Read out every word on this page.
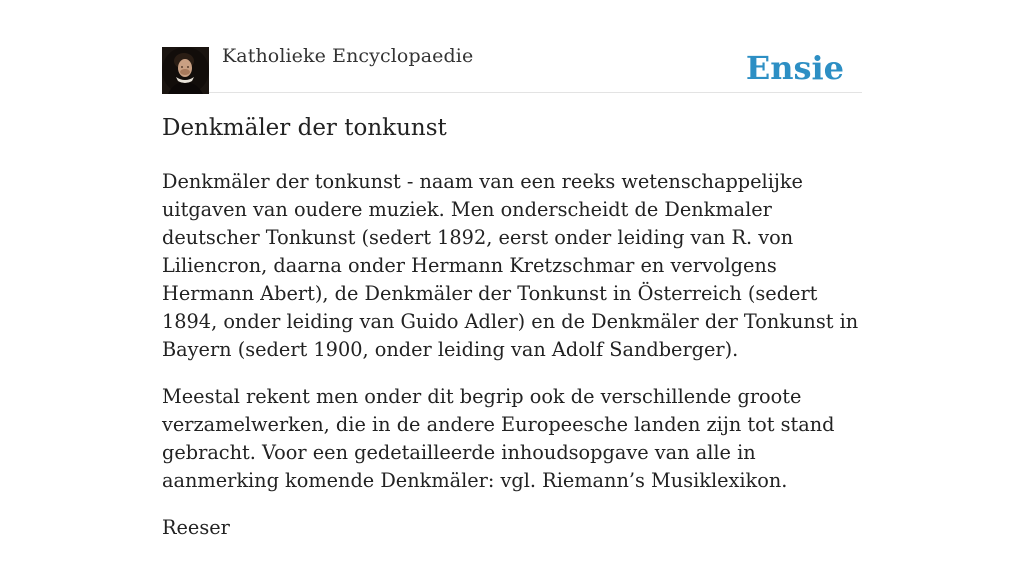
Katholieke Encyclopaedie	Ensie
Denkmäler der tonkunst

Denkmäler der tonkunst - naam van een reeks wetenschappelijke uitgaven van oudere muziek. Men onderscheidt de Denkmaler deutscher Tonkunst (sedert 1892, eerst onder leiding van R. von Liliencron, daarna onder Hermann Kretzschmar en vervolgens Hermann Abert), de Denkmäler der Tonkunst in Österreich (sedert 1894, onder leiding van Guido Adler) en de Denkmäler der Tonkunst in Bayern (sedert 1900, onder leiding van Adolf Sandberger).

Meestal rekent men onder dit begrip ook de verschillende groote verzamelwerken, die in de andere Europeesche landen zijn tot stand gebracht. Voor een gedetailleerde inhoudsopgave van alle in aanmerking komende Denkmäler: vgl. Riemann’s Musiklexikon.

Reeser
